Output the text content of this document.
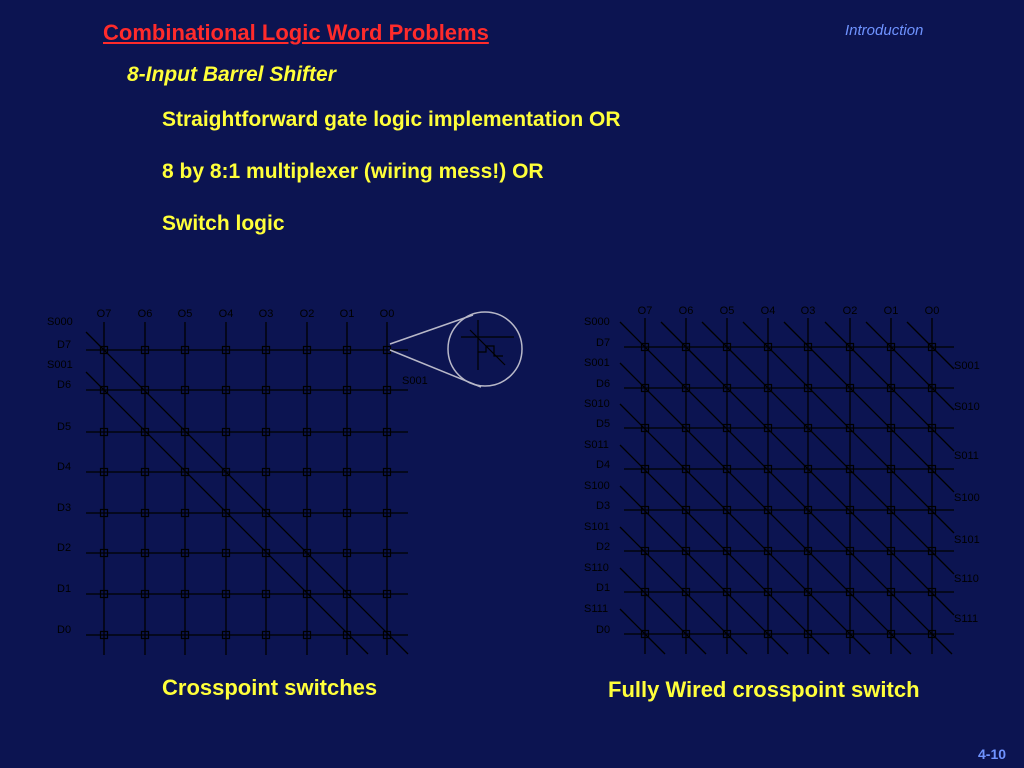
Combinational Logic Word Problems	Introduction
8-Input Barrel Shifter
Straightforward gate logic implementation OR
8 by 8:1 multiplexer (wiring mess!) OR
Switch logic
O7 O6 O5 O4 O3 O2 O1 O0
D7
D6
D5
D4
D3
D2
D1
D0
S000
S001
S001
O7 O6 O5 O4 O3 O2 O1 O0
D7
D6
D5
D4
D3
D2
D1
D0
S000
S001
S010
S011
S100
S101
S110
S111
S001
S010
S011
S100
S101
S110
S111
Crosspoint switches	Fully Wired crosspoint switch
4-10
